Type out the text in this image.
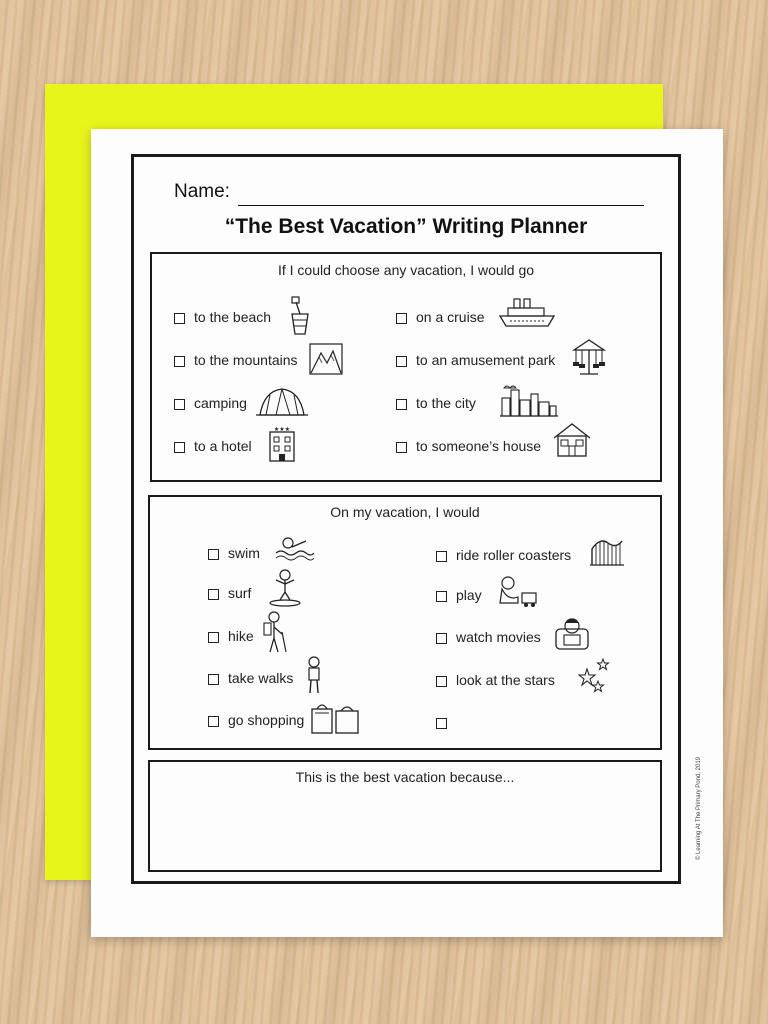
Name:
“The Best Vacation” Writing Planner
If I could choose any vacation, I would go
to the beach
to the mountains
camping
to a hotel
★★★
on a cruise
to an amusement park
to the city
to someone’s house
On my vacation, I would
swim
surf
hike
take walks
go shopping
ride roller coasters
play
watch movies
look at the stars
This is the best vacation because...	© Learning At The Primary Pond, 2019
